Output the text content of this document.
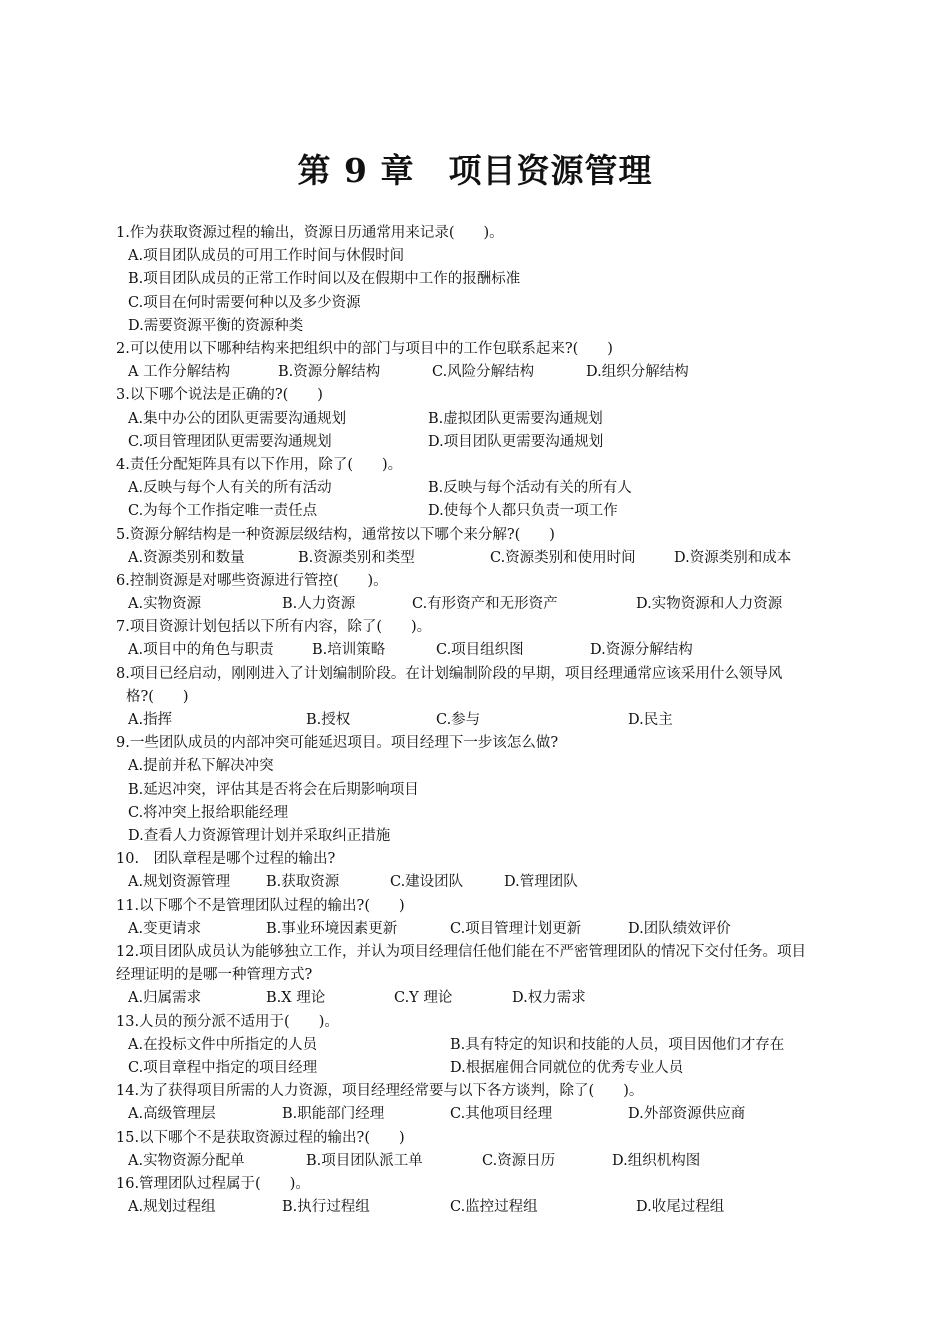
第 9 章　项目资源管理
1.作为获取资源过程的输出，资源日历通常用来记录(　　)。
A.项目团队成员的可用工作时间与休假时间
B.项目团队成员的正常工作时间以及在假期中工作的报酬标准
C.项目在何时需要何种以及多少资源
D.需要资源平衡的资源种类
2.可以使用以下哪种结构来把组织中的部门与项目中的工作包联系起来?(　　)
A 工作分解结构	B.资源分解结构	C.风险分解结构	D.组织分解结构
3.以下哪个说法是正确的?(　　)
A.集中办公的团队更需要沟通规划	B.虚拟团队更需要沟通规划
C.项目管理团队更需要沟通规划	D.项目团队更需要沟通规划
4.责任分配矩阵具有以下作用，除了(　　)。
A.反映与每个人有关的所有活动	B.反映与每个活动有关的所有人
C.为每个工作指定唯一责任点	D.使每个人都只负责一项工作
5.资源分解结构是一种资源层级结构，通常按以下哪个来分解?(　　)
A.资源类别和数量	B.资源类别和类型	C.资源类别和使用时间	D.资源类别和成本
6.控制资源是对哪些资源进行管控(　　)。
A.实物资源	B.人力资源	C.有形资产和无形资产	D.实物资源和人力资源
7.项目资源计划包括以下所有内容，除了(　　)。
A.项目中的角色与职责	B.培训策略	C.项目组织图	D.资源分解结构
8.项目已经启动，刚刚进入了计划编制阶段。在计划编制阶段的早期，项目经理通常应该采用什么领导风
格?(　　)
A.指挥	B.授权	C.参与	D.民主
9.一些团队成员的内部冲突可能延迟项目。项目经理下一步该怎么做?
A.提前并私下解决冲突
B.延迟冲突，评估其是否将会在后期影响项目
C.将冲突上报给职能经理
D.查看人力资源管理计划并采取纠正措施
10.　团队章程是哪个过程的输出?
A.规划资源管理 B.获取资源	C.建设团队	D.管理团队
11.以下哪个不是管理团队过程的输出?(　　)
A.变更请求	B.事业环境因素更新	C.项目管理计划更新	D.团队绩效评价
12.项目团队成员认为能够独立工作，并认为项目经理信任他们能在不严密管理团队的情况下交付任务。项目
经理证明的是哪一种管理方式?
A.归属需求	B.X 理论	C.Y 理论	D.权力需求
13.人员的预分派不适用于(　　)。
A.在投标文件中所指定的人员	B.具有特定的知识和技能的人员，项目因他们才存在
C.项目章程中指定的项目经理	D.根据雇佣合同就位的优秀专业人员
14.为了获得项目所需的人力资源，项目经理经常要与以下各方谈判，除了(　　)。
A.高级管理层	B.职能部门经理	C.其他项目经理	D.外部资源供应商
15.以下哪个不是获取资源过程的输出?(　　)
A.实物资源分配单	B.项目团队派工单	C.资源日历	D.组织机构图
16.管理团队过程属于(　　)。
A.规划过程组	B.执行过程组	C.监控过程组	D.收尾过程组
